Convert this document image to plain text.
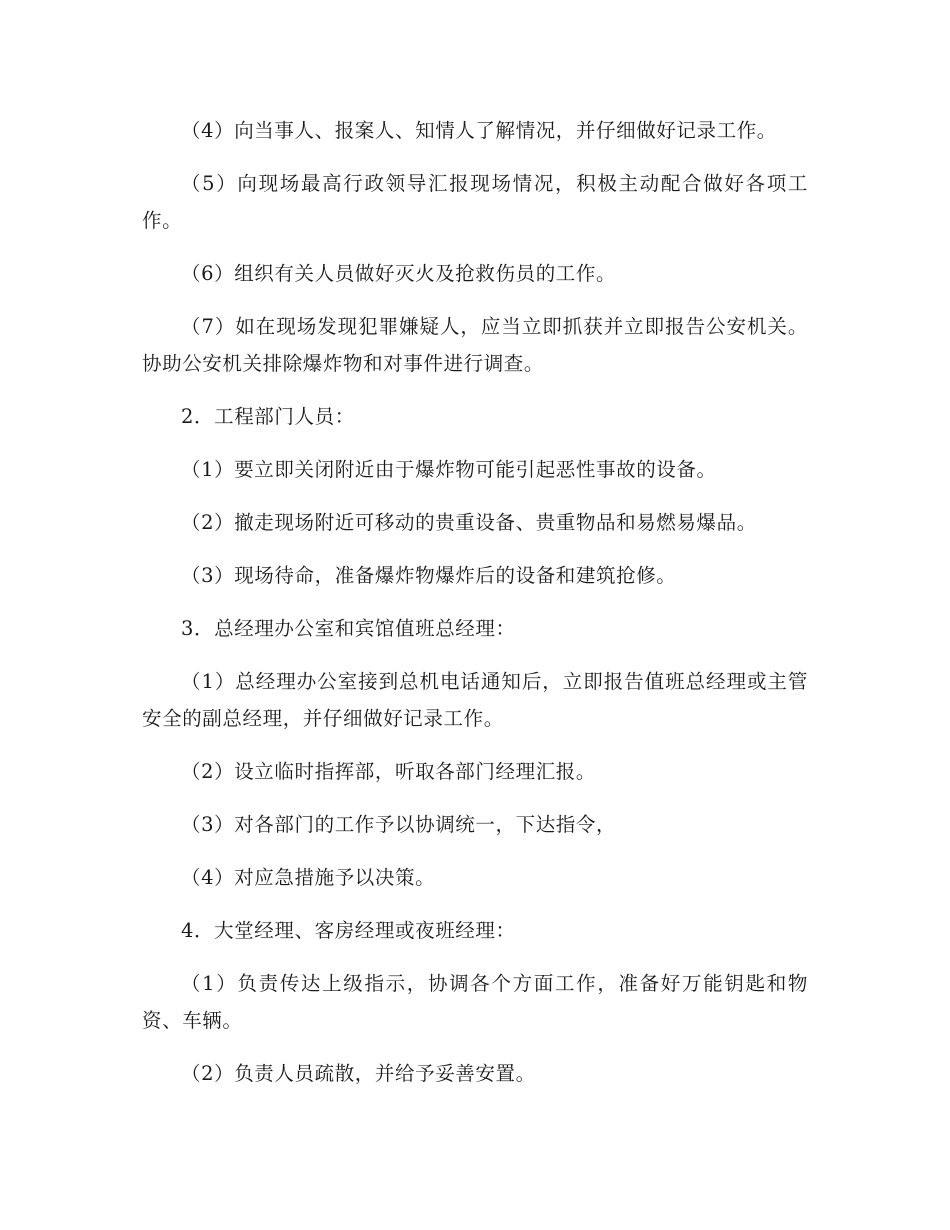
（4）向当事人、报案人、知情人了解情况，并仔细做好记录工作。

（5）向现场最高行政领导汇报现场情况，积极主动配合做好各项工作。

（6）组织有关人员做好灭火及抢救伤员的工作。

（7）如在现场发现犯罪嫌疑人，应当立即抓获并立即报告公安机关。协助公安机关排除爆炸物和对事件进行调查。

2．工程部门人员：

（1）要立即关闭附近由于爆炸物可能引起恶性事故的设备。

（2）撤走现场附近可移动的贵重设备、贵重物品和易燃易爆品。

（3）现场待命，准备爆炸物爆炸后的设备和建筑抢修。

3．总经理办公室和宾馆值班总经理：

（1）总经理办公室接到总机电话通知后，立即报告值班总经理或主管安全的副总经理，并仔细做好记录工作。

（2）设立临时指挥部，听取各部门经理汇报。

（3）对各部门的工作予以协调统一，下达指令，

（4）对应急措施予以决策。

4．大堂经理、客房经理或夜班经理：

（1）负责传达上级指示，协调各个方面工作，准备好万能钥匙和物资、车辆。

（2）负责人员疏散，并给予妥善安置。
